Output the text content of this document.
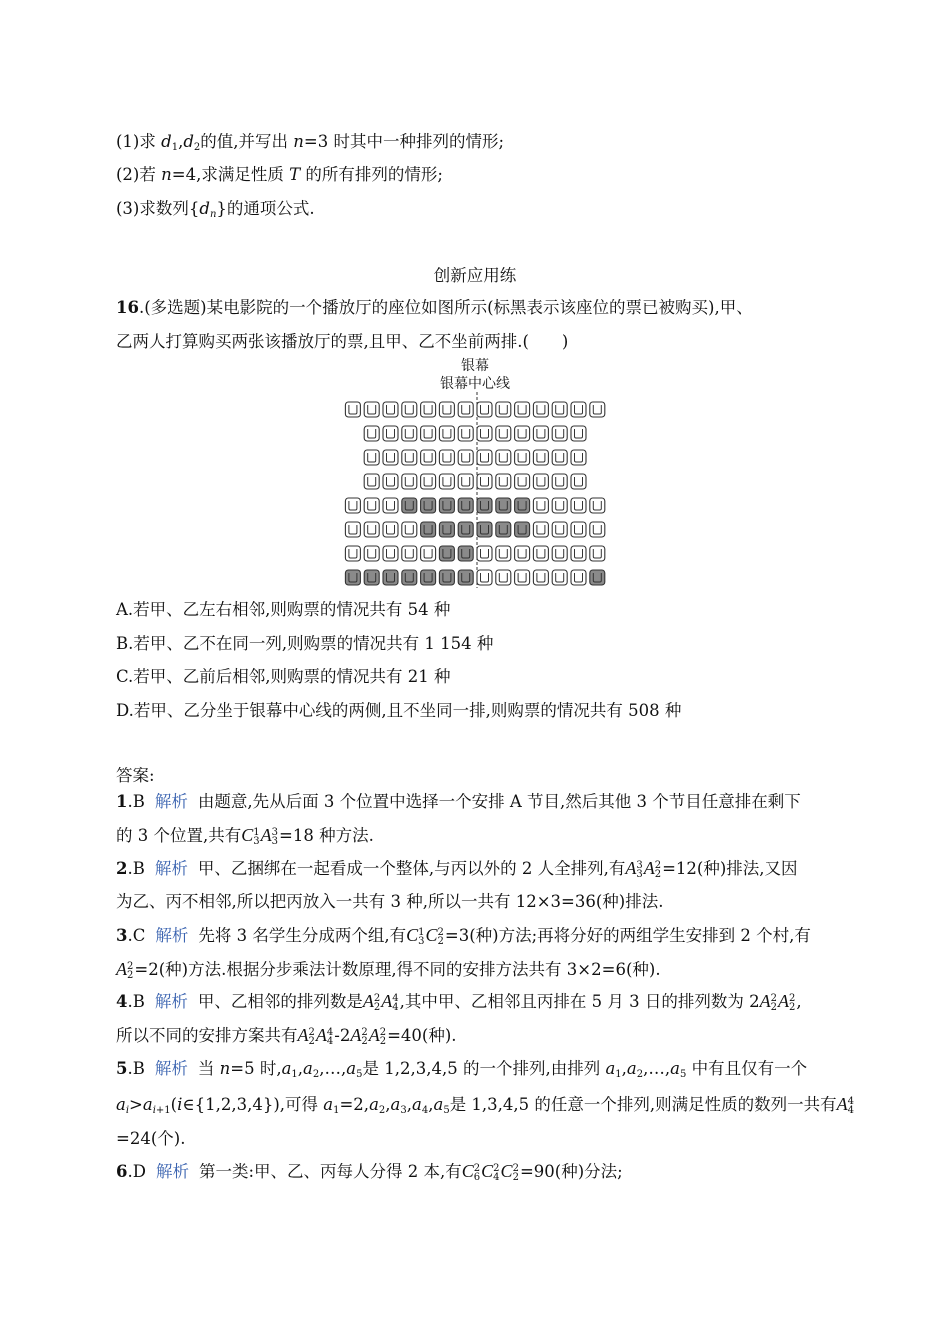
(1)求 $d_1,d_2$的值,并写出 n=3 时其中一种排列的情形;
(2)若 n=4,求满足性质 T 的所有排列的情形;
(3)求数列$\{d_n\}$的通项公式.
创新应用练
16.(多选题)某电影院的一个播放厅的座位如图所示(标黑表示该座位的票已被购买),甲、
乙两人打算购买两张该播放厅的票,且甲、乙不坐前两排.(　　)
银幕
银幕中心线
A.若甲、乙左右相邻,则购票的情况共有 54 种
B.若甲、乙不在同一列,则购票的情况共有 1 154 种
C.若甲、乙前后相邻,则购票的情况共有 21 种
D.若甲、乙分坐于银幕中心线的两侧,且不坐同一排,则购票的情况共有 508 种
答案:
1.B 解析 由题意,先从后面 3 个位置中选择一个安排 A 节目,然后其他 3 个节目任意排在剩下
的 3 个位置,共有C 1
3 A 3
3 =18 种方法.
2.B 解析 甲、乙捆绑在一起看成一个整体,与丙以外的 2 人全排列,有A 3
3 A 2
2 =12(种)排法,又因
为乙、丙不相邻,所以把丙放入一共有 3 种,所以一共有 12×3=36(种)排法.
3.C 解析 先将 3 名学生分成两个组,有C 1
3 C 2
2 =3(种)方法;再将分好的两组学生安排到 2 个村,有
A 2
2 =2(种)方法.根据分步乘法计数原理,得不同的安排方法共有 3×2=6(种).
4.B 解析 甲、乙相邻的排列数是A 2
2 A 4
4 ,其中甲、乙相邻且丙排在 5 月 3 日的排列数为 2A 2
2 A 2
2 ,
所以不同的安排方案共有A 2
2 A 4
4 -2A 2
2 A 2
2 =40(种).
5.B 解析 当 n=5 时$,a_1,a_2,\dots,a_5$是 1,2,3,4,5 的一个排列,由排列 $a_1,a_2,\dots,a_5$ 中有且仅有一个
$a_i>a_{i+1}(i\in\{1,2,3,4\})$,可得 $a_1=2,a_2,a_3,a_4,a_5$是 1,3,4,5 的任意一个排列,则满足性质的数列一共有A 4
4
=24(个).
6.D 解析 第一类:甲、乙、丙每人分得 2 本,有C 2
6 C 2
4 C 2
2 =90(种)分法;
